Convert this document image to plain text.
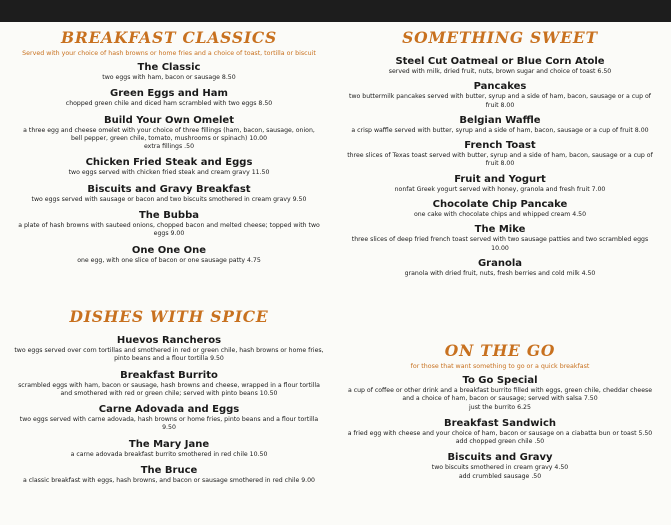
BREAKFAST CLASSICS

Served with your choice of hash browns or home fries and a choice of toast, tortilla or biscuit

The Classic

two eggs with ham, bacon or sausage 8.50

Green Eggs and Ham

chopped green chile and diced ham scrambled with two eggs 8.50

Build Your Own Omelet

a three egg and cheese omelet with your choice of three fillings (ham, bacon, sausage, onion,

bell pepper, green chile, tomato, mushrooms or spinach) 10.00

extra fillings .50

Chicken Fried Steak and Eggs

two eggs served with chicken fried steak and cream gravy 11.50

Biscuits and Gravy Breakfast

two eggs served with sausage or bacon and two biscuits smothered in cream gravy 9.50

The Bubba

a plate of hash browns with sauteed onions, chopped bacon and melted cheese; topped with two

eggs 9.00

One One One

one egg, with one slice of bacon or one sausage patty 4.75

DISHES WITH SPICE

Huevos Rancheros

two eggs served over corn tortillas and smothered in red or green chile, hash browns or home fries,

pinto beans and a flour tortilla 9.50

Breakfast Burrito

scrambled eggs with ham, bacon or sausage, hash browns and cheese, wrapped in a flour tortilla

and smothered with red or green chile; served with pinto beans 10.50

Carne Adovada and Eggs

two eggs served with carne adovada, hash browns or home fries, pinto beans and a flour tortilla

9.50

The Mary Jane

a carne adovada breakfast burrito smothered in red chile 10.50

The Bruce

a classic breakfast with eggs, hash browns, and bacon or sausage smothered in red chile 9.00

SOMETHING SWEET

Steel Cut Oatmeal or Blue Corn Atole

served with milk, dried fruit, nuts, brown sugar and choice of toast 6.50

Pancakes

two buttermilk pancakes served with butter, syrup and a side of ham, bacon, sausage or a cup of

fruit 8.00

Belgian Waffle

a crisp waffle served with butter, syrup and a side of ham, bacon, sausage or a cup of fruit 8.00

French Toast

three slices of Texas toast served with butter, syrup and a side of ham, bacon, sausage or a cup of

fruit 8.00

Fruit and Yogurt

nonfat Greek yogurt served with honey, granola and fresh fruit 7.00

Chocolate Chip Pancake

one cake with chocolate chips and whipped cream 4.50

The Mike

three slices of deep fried french toast served with two sausage patties and two scrambled eggs

10.00

Granola

granola with dried fruit, nuts, fresh berries and cold milk 4.50

ON THE GO

for those that want something to go or a quick breakfast

To Go Special

a cup of coffee or other drink and a breakfast burrito filled with eggs, green chile, cheddar cheese

and a choice of ham, bacon or sausage; served with salsa 7.50

just the burrito 6.25

Breakfast Sandwich

a fried egg with cheese and your choice of ham, bacon or sausage on a ciabatta bun or toast 5.50

add chopped green chile .50

Biscuits and Gravy

two biscuits smothered in cream gravy 4.50

add crumbled sausage .50
